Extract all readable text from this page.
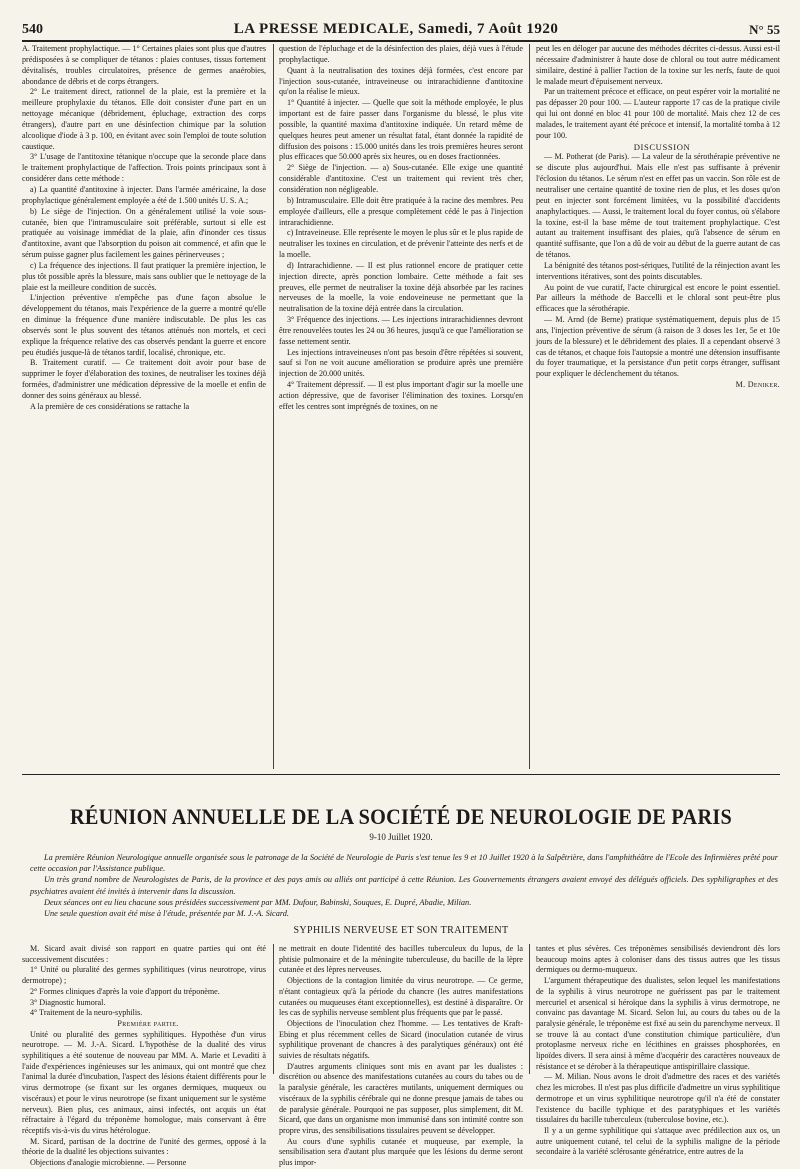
540	LA PRESSE MEDICALE, Samedi, 7 Août 1920	N° 55

A. Traitement prophylactique. — 1° Certaines plaies sont plus que d'autres prédisposées à se compliquer de tétanos : plaies contuses, tissus fortement dévitalisés, troubles circulatoires, présence de germes anaérobies, abondance de débris et de corps étrangers.

2° Le traitement direct, rationnel de la plaie, est la première et la meilleure prophylaxie du tétanos. Elle doit consister d'une part en un nettoyage mécanique (débridement, épluchage, extraction des corps étrangers), d'autre part en une désinfection chimique par la solution alcoolique d'iode à 3 p. 100, en évitant avec soin l'emploi de toute solution caustique.

3° L'usage de l'antitoxine tétanique n'occupe que la seconde place dans le traitement prophylactique de l'affection. Trois points principaux sont à considérer dans cette méthode :

a) La quantité d'antitoxine à injecter. Dans l'armée américaine, la dose prophylactique généralement employée a été de 1.500 unités U. S. A.;

b) Le siège de l'injection. On a généralement utilisé la voie sous-cutanée, bien que l'intramusculaire soit préférable, surtout si elle est pratiquée au voisinage immédiat de la plaie, afin d'inonder ces tissus d'antitoxine, avant que l'absorption du poison ait commencé, et afin que le sérum puisse gagner plus facilement les gaines périnerveuses ;

c) La fréquence des injections. Il faut pratiquer la première injection, le plus tôt possible après la blessure, mais sans oublier que le nettoyage de la plaie est la meilleure condition de succès.

L'injection préventive n'empêche pas d'une façon absolue le développement du tétanos, mais l'expérience de la guerre a montré qu'elle en diminue la fréquence d'une manière indiscutable. De plus les cas observés sont le plus souvent des tétanos atténués non mortels, et ceci explique la fréquence relative des cas observés pendant la guerre et encore peu étudiés jusque-là de tétanos tardif, localisé, chronique, etc.

B. Traitement curatif. — Ce traitement doit avoir pour base de supprimer le foyer d'élaboration des toxines, de neutraliser les toxines déjà formées, d'administrer une médication dépressive de la moelle et enfin de donner des soins généraux au blessé.

A la première de ces considérations se rattache la

question de l'épluchage et de la désinfection des plaies, déjà vues à l'étude prophylactique.

Quant à la neutralisation des toxines déjà formées, c'est encore par l'injection sous-cutanée, intraveineuse ou intrarachidienne d'antitoxine qu'on la réalise le mieux.

1° Quantité à injecter. — Quelle que soit la méthode employée, le plus important est de faire passer dans l'organisme du blessé, le plus vite possible, la quantité maxima d'antitoxine indiquée. Un retard même de quelques heures peut amener un résultat fatal, étant donnée la rapidité de diffusion des poisons : 15.000 unités dans les trois premières heures seront plus efficaces que 50.000 après six heures, ou en doses fractionnées.

2° Siège de l'injection. — a) Sous-cutanée. Elle exige une quantité considérable d'antitoxine. C'est un traitement qui revient très cher, considération non négligeable.

b) Intramusculaire. Elle doit être pratiquée à la racine des membres. Peu employée d'ailleurs, elle a presque complètement cédé le pas à l'injection intrarachidienne.

c) Intraveineuse. Elle représente le moyen le plus sûr et le plus rapide de neutraliser les toxines en circulation, et de prévenir l'atteinte des nerfs et de la moelle.

d) Intrarachidienne. — Il est plus rationnel encore de pratiquer cette injection directe, après ponction lombaire. Cette méthode a fait ses preuves, elle permet de neutraliser la toxine déjà absorbée par les racines nerveuses de la moelle, la voie endoveineuse ne permettant que la neutralisation de la toxine déjà entrée dans la circulation.

3° Fréquence des injections. — Les injections intrarachidiennes devront être renouvelées toutes les 24 ou 36 heures, jusqu'à ce que l'amélioration se fasse nettement sentir.

Les injections intraveineuses n'ont pas besoin d'être répétées si souvent, sauf si l'on ne voit aucune amélioration se produire après une première injection de 20.000 unités.

4° Traitement dépressif. — Il est plus important d'agir sur la moelle une action dépressive, que de favoriser l'élimination des toxines. Lorsqu'en effet les centres sont imprégnés de toxines, on ne

peut les en déloger par aucune des méthodes décrites ci-dessus. Aussi est-il nécessaire d'administrer à haute dose de chloral ou tout autre médicament similaire, destiné à pallier l'action de la toxine sur les nerfs, faute de quoi le malade meurt d'épuisement nerveux.

Par un traitement précoce et efficace, on peut espérer voir la mortalité ne pas dépasser 20 pour 100. — L'auteur rapporte 17 cas de la pratique civile qui lui ont donné en bloc 41 pour 100 de mortalité. Mais chez 12 de ces malades, le traitement ayant été précoce et intensif, la mortalité tomba à 12 pour 100.

DISCUSSION

— M. Potherat (de Paris). — La valeur de la sérothérapie préventive ne se discute plus aujourd'hui. Mais elle n'est pas suffisante à prévenir l'éclosion du tétanos. Le sérum n'est en effet pas un vaccin. Son rôle est de neutraliser une certaine quantité de toxine rien de plus, et les doses qu'on peut en injecter sont forcément limitées, vu la possibilité d'accidents anaphylactiques. — Aussi, le traitement local du foyer contus, où s'élabore la toxine, est-il la base même de tout traitement prophylactique. C'est autant au traitement insuffisant des plaies, qu'à l'absence de sérum en quantité suffisante, que l'on a dû de voir au début de la guerre autant de cas de tétanos.

La bénignité des tétanos post-sériques, l'utilité de la réinjection avant les interventions itératives, sont des points discutables.

Au point de vue curatif, l'acte chirurgical est encore le point essentiel. Par ailleurs la méthode de Baccelli et le chloral sont peut-être plus efficaces que la sérothérapie.

— M. Arnd (de Berne) pratique systématiquement, depuis plus de 15 ans, l'injection préventive de sérum (à raison de 3 doses les 1er, 5e et 10e jours de la blessure) et le débridement des plaies. Il a cependant observé 3 cas de tétanos, et chaque fois l'autopsie a montré une détension insuffisante du foyer traumatique, et la persistance d'un petit corps étranger, suffisant pour expliquer le déclenchement du tétanos.

M. Deniker.

RÉUNION ANNUELLE DE LA SOCIÉTÉ DE NEUROLOGIE DE PARIS
9-10 Juillet 1920.

La première Réunion Neurologique annuelle organisée sous le patronage de la Société de Neurologie de Paris s'est tenue les 9 et 10 Juillet 1920 à la Salpêtrière, dans l'amphithéâtre de l'Ecole des Infirmières prêté pour cette occasion par l'Assistance publique.

Un très grand nombre de Neurologistes de Paris, de la province et des pays amis ou alliés ont participé à cette Réunion. Les Gouvernements étrangers avaient envoyé des délégués officiels. Des syphiligraphes et des psychiatres avaient été invités à intervenir dans la discussion.

Deux séances ont eu lieu chacune sous présidées successivement par MM. Dufour, Babinski, Souques, E. Dupré, Abadie, Milian.

Une seule question avait été mise à l'étude, présentée par M. J.-A. Sicard.

SYPHILIS NERVEUSE ET SON TRAITEMENT

M. Sicard avait divisé son rapport en quatre parties qui ont été successivement discutées :

1° Unité ou pluralité des germes syphilitiques (virus neurotrope, virus dermotrope) ;

2° Formes cliniques d'après la voie d'apport du tréponème.

3° Diagnostic humoral.

4° Traitement de la neuro-syphilis.

Première partie.

Unité ou pluralité des germes syphilitiques. Hypothèse d'un virus neurotrope. — M. J.-A. Sicard. L'hypothèse de la dualité des virus syphilitiques a été soutenue de nouveau par MM. A. Marie et Levaditi à l'aide d'expériences ingénieuses sur les animaux, qui ont montré que chez l'animal la durée d'incubation, l'aspect des lésions étaient différents pour le virus dermotrope (se fixant sur les organes dermiques, muqueux ou viscéraux) et pour le virus neurotrope (se fixant uniquement sur le système nerveux). Bien plus, ces animaux, ainsi infectés, ont acquis un état réfractaire à l'égard du tréponème homologue, mais conservant à être réceptifs vis-à-vis du virus hétérologue.

M. Sicard, partisan de la doctrine de l'unité des germes, opposé à la théorie de la dualité les objections suivantes :

Objections d'analogie microbienne. — Personne

ne mettrait en doute l'identité des bacilles tuberculeux du lupus, de la phtisie pulmonaire et de la méningite tuberculeuse, du bacille de la lèpre cutanée et des lèpres nerveuses.

Objections de la contagion limitée du virus neurotrope. — Ce germe, n'étant contagieux qu'à la période du chancre (les autres manifestations cutanées ou muqueuses étant exceptionnelles), est destiné à disparaître. Or les cas de syphilis nerveuse semblent plus fréquents que par le passé.

Objections de l'inoculation chez l'homme. — Les tentatives de Kraft-Ebing et plus récemment celles de Sicard (inoculation cutanée de virus syphilitique provenant de chancres à des paralytiques généraux) ont été suivies de résultats négatifs.

D'autres arguments cliniques sont mis en avant par les dualistes : discrétion ou absence des manifestations cutanées au cours du tabes ou de la paralysie générale, les caractères mutilants, uniquement dermiques ou viscéraux de la syphilis cérébrale qui ne donne presque jamais de tabes ou de paralysie générale. Pourquoi ne pas supposer, plus simplement, dit M. Sicard, que dans un organisme mon immunisé dans son intimité contre son propre virus, des sensibilisations tissulaires peuvent se développer.

Au cours d'une syphilis cutanée et muqueuse, par exemple, la sensibilisation sera d'autant plus marquée que les lésions du derme seront plus impor-

tantes et plus sévères. Ces tréponèmes sensibilisés deviendront dès lors beaucoup moins aptes à coloniser dans des tissus autres que les tissus dermiques ou dermo-muqueux.

L'argument thérapeutique des dualistes, selon lequel les manifestations de la syphilis à virus neurotrope ne guérissent pas par le traitement mercuriel et arsenical si héroïque dans la syphilis à virus dermotrope, ne convainc pas davantage M. Sicard. Selon lui, au cours du tabes ou de la paralysie générale, le tréponème est fixé au sein du parenchyme nerveux. Il se trouve là au contact d'une constitution chimique particulière, d'un protoplasme nerveux riche en lécithines en graisses phosphorées, en lipoïdes divers. Il sera ainsi à même d'acquérir des caractères nouveaux de résistance et se dérober à la thérapeutique antispirillaire classique.

— M. Milian. Nous avons le droit d'admettre des races et des variétés chez les microbes. Il n'est pas plus difficile d'admettre un virus syphilitique dermotrope et un virus syphilitique neurotrope qu'il n'a été de constater l'existence du bacille typhique et des paratyphiques et les variétés tissulaires du bacille tuberculeux (tuberculose bovine, etc.).

Il y a un germe syphilitique qui s'attaque avec prédilection aux os, un autre uniquement cutané, tel celui de la syphilis maligne de la période secondaire à la variété sclérosante génératrice, entre autres de la
